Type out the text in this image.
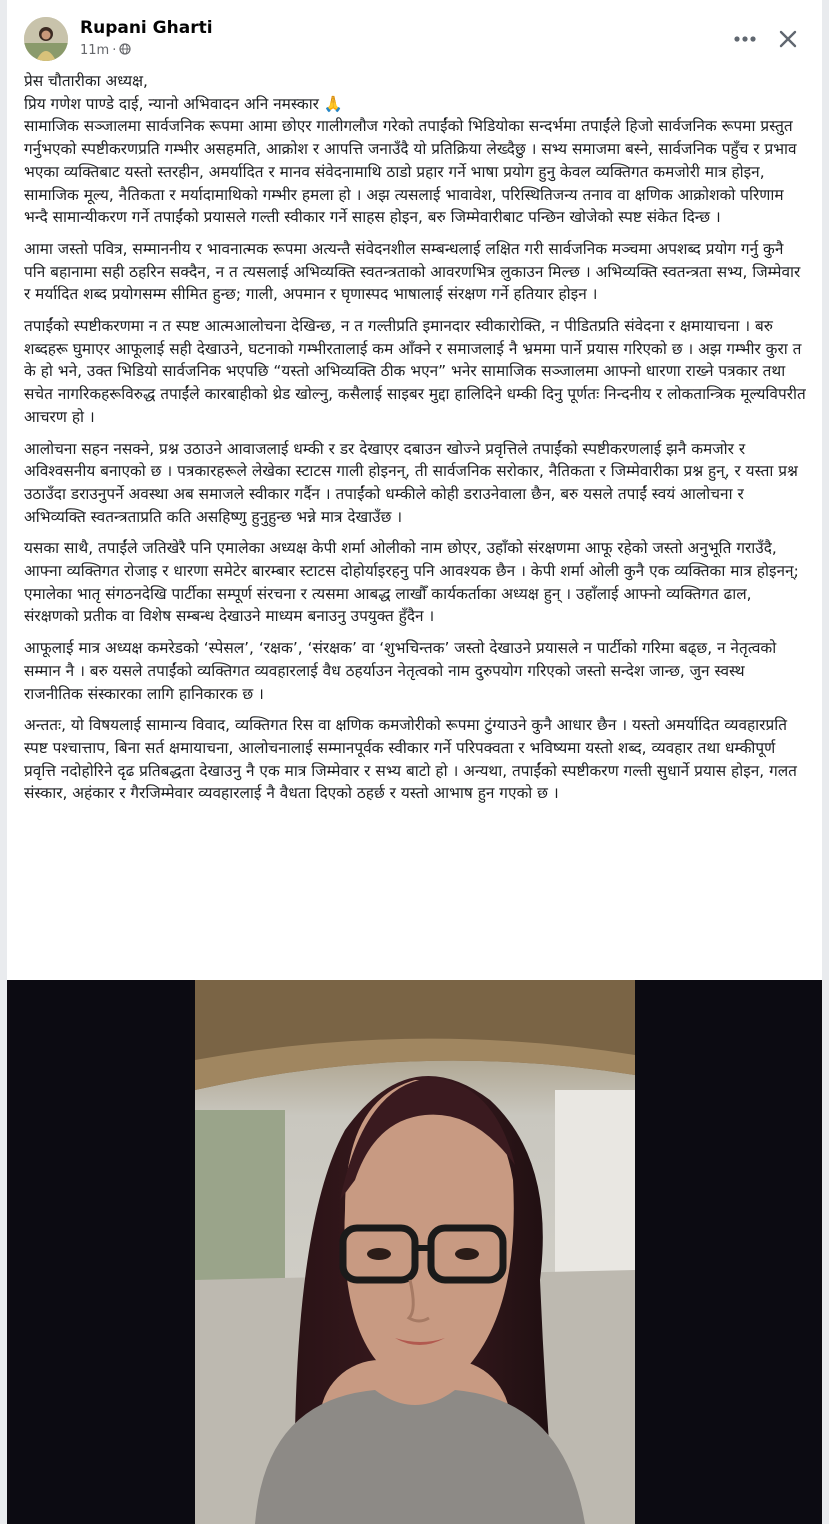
Rupani Gharti
11m ·

प्रेस चौतारीका अध्यक्ष,
प्रिय गणेश पाण्डे दाई, न्यानो अभिवादन अनि नमस्कार 🙏
सामाजिक सञ्जालमा सार्वजनिक रूपमा आमा छोएर गालीगलौज गरेको तपाईंको भिडियोका सन्दर्भमा तपाईंले हिजो सार्वजनिक रूपमा प्रस्तुत गर्नुभएको स्पष्टीकरणप्रति गम्भीर असहमति, आक्रोश र आपत्ति जनाउँदै यो प्रतिक्रिया लेख्दैछु । सभ्य समाजमा बस्ने, सार्वजनिक पहुँच र प्रभाव भएका व्यक्तिबाट यस्तो स्तरहीन, अमर्यादित र मानव संवेदनामाथि ठाडो प्रहार गर्ने भाषा प्रयोग हुनु केवल व्यक्तिगत कमजोरी मात्र होइन, सामाजिक मूल्य, नैतिकता र मर्यादामाथिको गम्भीर हमला हो । अझ त्यसलाई भावावेश, परिस्थितिजन्य तनाव वा क्षणिक आक्रोशको परिणाम भन्दै सामान्यीकरण गर्ने तपाईंको प्रयासले गल्ती स्वीकार गर्ने साहस होइन, बरु जिम्मेवारीबाट पन्छिन खोजेको स्पष्ट संकेत दिन्छ ।

आमा जस्तो पवित्र, सम्माननीय र भावनात्मक रूपमा अत्यन्तै संवेदनशील सम्बन्धलाई लक्षित गरी सार्वजनिक मञ्चमा अपशब्द प्रयोग गर्नु कुनै पनि बहानामा सही ठहरिन सक्दैन, न त त्यसलाई अभिव्यक्ति स्वतन्त्रताको आवरणभित्र लुकाउन मिल्छ । अभिव्यक्ति स्वतन्त्रता सभ्य, जिम्मेवार र मर्यादित शब्द प्रयोगसम्म सीमित हुन्छ; गाली, अपमान र घृणास्पद भाषालाई संरक्षण गर्ने हतियार होइन ।

तपाईंको स्पष्टीकरणमा न त स्पष्ट आत्मआलोचना देखिन्छ, न त गल्तीप्रति इमानदार स्वीकारोक्ति, न पीडितप्रति संवेदना र क्षमायाचना । बरु शब्दहरू घुमाएर आफूलाई सही देखाउने, घटनाको गम्भीरतालाई कम आँक्ने र समाजलाई नै भ्रममा पार्ने प्रयास गरिएको छ । अझ गम्भीर कुरा त के हो भने, उक्त भिडियो सार्वजनिक भएपछि “यस्तो अभिव्यक्ति ठीक भएन” भनेर सामाजिक सञ्जालमा आफ्नो धारणा राख्ने पत्रकार तथा सचेत नागरिकहरूविरुद्ध तपाईंले कारबाहीको थ्रेड खोल्नु, कसैलाई साइबर मुद्दा हालिदिने धम्की दिनु पूर्णतः निन्दनीय र लोकतान्त्रिक मूल्यविपरीत आचरण हो ।

आलोचना सहन नसक्ने, प्रश्न उठाउने आवाजलाई धम्की र डर देखाएर दबाउन खोज्ने प्रवृत्तिले तपाईंको स्पष्टीकरणलाई झनै कमजोर र अविश्वसनीय बनाएको छ । पत्रकारहरूले लेखेका स्टाटस गाली होइनन्, ती सार्वजनिक सरोकार, नैतिकता र जिम्मेवारीका प्रश्न हुन्, र यस्ता प्रश्न उठाउँदा डराउनुपर्ने अवस्था अब समाजले स्वीकार गर्दैन । तपाईंको धम्कीले कोही डराउनेवाला छैन, बरु यसले तपाईं स्वयं आलोचना र अभिव्यक्ति स्वतन्त्रताप्रति कति असहिष्णु हुनुहुन्छ भन्ने मात्र देखाउँछ ।

यसका साथै, तपाईंले जतिखेरै पनि एमालेका अध्यक्ष केपी शर्मा ओलीको नाम छोएर, उहाँको संरक्षणमा आफू रहेको जस्तो अनुभूति गराउँदै, आफ्ना व्यक्तिगत रोजाइ र धारणा समेटेर बारम्बार स्टाटस दोहोर्याइरहनु पनि आवश्यक छैन । केपी शर्मा ओली कुनै एक व्यक्तिका मात्र होइनन्; एमालेका भातृ संगठनदेखि पार्टीका सम्पूर्ण संरचना र त्यसमा आबद्ध लाखौँ कार्यकर्ताका अध्यक्ष हुन् । उहाँलाई आफ्नो व्यक्तिगत ढाल, संरक्षणको प्रतीक वा विशेष सम्बन्ध देखाउने माध्यम बनाउनु उपयुक्त हुँदैन ।

आफूलाई मात्र अध्यक्ष कमरेडको ‘स्पेसल’, ‘रक्षक’, ‘संरक्षक’ वा ‘शुभचिन्तक’ जस्तो देखाउने प्रयासले न पार्टीको गरिमा बढ्छ, न नेतृत्वको सम्मान नै । बरु यसले तपाईंको व्यक्तिगत व्यवहारलाई वैध ठहर्याउन नेतृत्वको नाम दुरुपयोग गरिएको जस्तो सन्देश जान्छ, जुन स्वस्थ राजनीतिक संस्कारका लागि हानिकारक छ ।

अन्ततः, यो विषयलाई सामान्य विवाद, व्यक्तिगत रिस वा क्षणिक कमजोरीको रूपमा टुंग्याउने कुनै आधार छैन । यस्तो अमर्यादित व्यवहारप्रति स्पष्ट पश्चात्ताप, बिना सर्त क्षमायाचना, आलोचनालाई सम्मानपूर्वक स्वीकार गर्ने परिपक्वता र भविष्यमा यस्तो शब्द, व्यवहार तथा धम्कीपूर्ण प्रवृत्ति नदोहोरिने दृढ प्रतिबद्धता देखाउनु नै एक मात्र जिम्मेवार र सभ्य बाटो हो । अन्यथा, तपाईंको स्पष्टीकरण गल्ती सुधार्ने प्रयास होइन, गलत संस्कार, अहंकार र गैरजिम्मेवार व्यवहारलाई नै वैधता दिएको ठहर्छ र यस्तो आभाष हुन गएको छ ।
